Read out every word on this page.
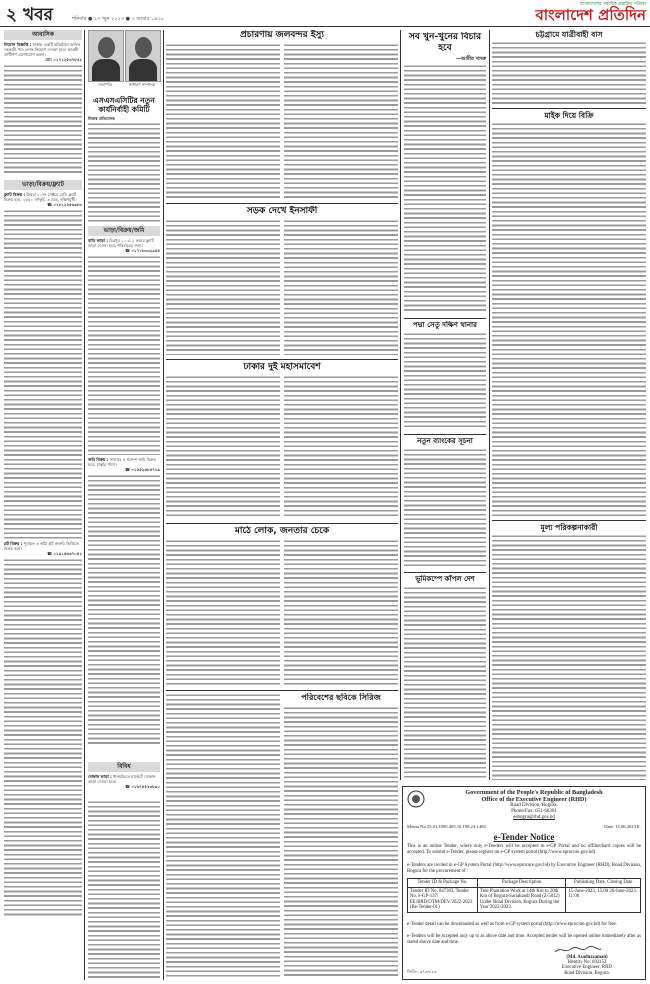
২ খবর	শনিবার ● ১৭ জুন ২০২৩ ● ৩ আষাঢ় ১৪৩০
বাংলাদেশের সর্বাধিক প্রচারিত পত্রিকা
বাংলাদেশ প্রতিদিন
আবাসিক
নিয়োগ বিজ্ঞপ্তি : ঢাকায় একটি প্রতিষ্ঠানে অফিস সহকারী পদে লোক নিয়োগ দেওয়া হবে। আগ্রহী প্রার্থীগণ যোগাযোগ করুন।
মো: ০১৭১২৫৩৭৮৫২
ভাড়া/বিক্রয়/ফ্ল্যাট
ফ্ল্যাট বিক্রয় : উত্তরা ১১নং সেক্টরে রেডি ফ্ল্যাট বিক্রয় হবে, ১৩৫০ বর্গফুট, ৩ বেড, দক্ষিণমুখী।
☎ ০১৮১২৪৫৬৯৮৩
প্লট বিক্রয় : পূর্বাচল ৩ কাঠা প্লট জরুরি ভিত্তিতে বিক্রয় হবে।
☎ ০১৯১৫৬৬৭০৪২
সভাপতি	সাধারণ সম্পাদক
এসএসএসিটির নতুন কার্যনির্বাহী কমিটি
নিজস্ব প্রতিবেদক
ভাড়া/বিক্রয়/জমি
বাড়ি ভাড়া : মিরপুর ১০ এ ২ রুমের ফ্ল্যাট ভাড়া দেওয়া হবে, পরিবারের জন্য।
☎ ০১৭১৮৩৩২৯৫৪
জমি বিক্রয় : সাভারে ৫ শতাংশ জমি বিক্রয় হবে, রাস্তার পাশে।
☎ ০১৫৫২৬৮৪৭১৯
বিবিধ
দোকান ভাড়া : ধানমন্ডিতে মার্কেটে দোকান ভাড়া দেওয়া হবে।
☎ ০১৬৭৪৫২৩৮৯০
প্রচারণায় জলবন্দর ইস্যু
সড়ক দেখে ইনসাফী
ঢাকার দুই মহাসমাবেশ
মাঠে লোক, জনতার চেকে
পরিবেশের ছবিকে সিরিজ
সব খুন-খুনের বিচার হবে
—আমীর খসরু
পদ্মা সেতু দক্ষিণ থানার
নতুন ব্যাংকের সূচনা
ভূমিকম্পে কাঁপল দেশ
চট্টগ্রামে যাত্রীবাহী বাস
মাইক দিয়ে বিক্রি
মূল্য পরিকল্পনাকারী
Government of the People's Republic of Bangladesh
Office of the Executive Engineer (RHD)
Road Division, Bogura.
Phone/Fax: 051-66301
eebogra@rhd.gov.bd
Memo No.35.01.1000.405.16.198.23-1482	Date: 15.06.2023 E.
e-Tender Notice
This is an online Tender, where only e-Tenders will be accepted in e-GP Portal and no offline/hard copies will be accepted. To submit e-Tender, please register on e-GP system portal (http://www.eprocure.gov.bd).
e-Tenders are invited in e-GP System Portal (http://www.eprocure.gov.bd) by Executive Engineer (RHD), Road Division, Bogura for the procurement of :
Tender ID & Package No.	Package Description	Publishing Date, Closing Date
Tender ID No. 847303, Tender No. e-GP-137/ EE/BRD/OTM/DEV/2022-2023 (Re-Tender-01)	Tree Plantation Work at 14th Km to 20th Km of Bogura-Sariakandi Road (Z-5012) Under Road Division, Bogura During the Year 2022-2023.	15-June-2023, 15:00 26-June-2023, 11:00
e-Tender detail can be downloaded as well as from e-GP system portal (http://www.eprocure.gov.bd) for free.
e-Tenders will be accepted only up to as above date and time. Accepted tender will be opened online immediately after as stated above date and time.
(Md. Asaduzzaman)
Identity No: 602153
Executive Engineer, RHD
Road Division, Bogura.
জিডি-০৯৭৩৭/২৩
